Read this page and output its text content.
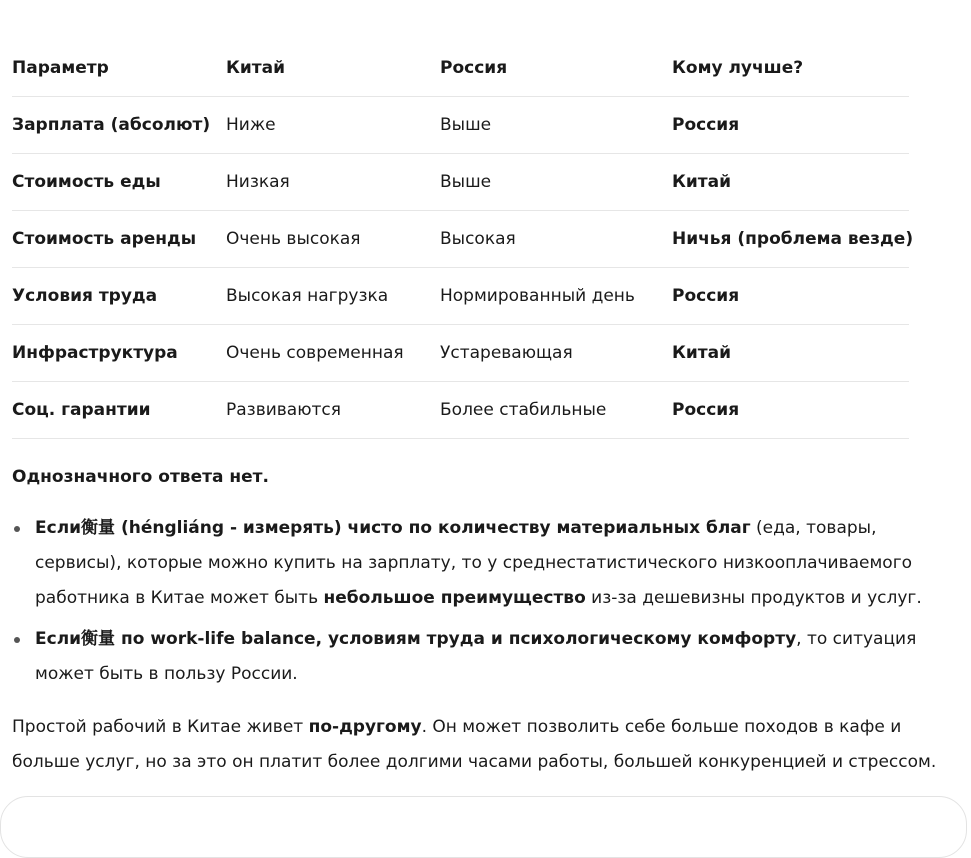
Параметр	Китай	Россия	Кому лучше?
Зарплата (абсолют)	Ниже	Выше	Россия
Стоимость еды	Низкая	Выше	Китай
Стоимость аренды	Очень высокая	Высокая	Ничья (проблема везде)
Условия труда	Высокая нагрузка	Нормированный день	Россия
Инфраструктура	Очень современная	Устаревающая	Китай
Соц. гарантии	Развиваются	Более стабильные	Россия
Однозначного ответа нет.
Если衡量 (héngliáng - измерять) чисто по количеству материальных благ (еда, товары, сервисы), которые можно купить на зарплату, то у среднестатистического низкооплачиваемого работника в Китае может быть небольшое преимущество из-за дешевизны продуктов и услуг.
Если衡量 по work-life balance, условиям труда и психологическому комфорту, то ситуация может быть в пользу России.
Простой рабочий в Китае живет по-другому. Он может позволить себе больше походов в кафе и больше услуг, но за это он платит более долгими часами работы, большей конкуренцией и стрессом.
